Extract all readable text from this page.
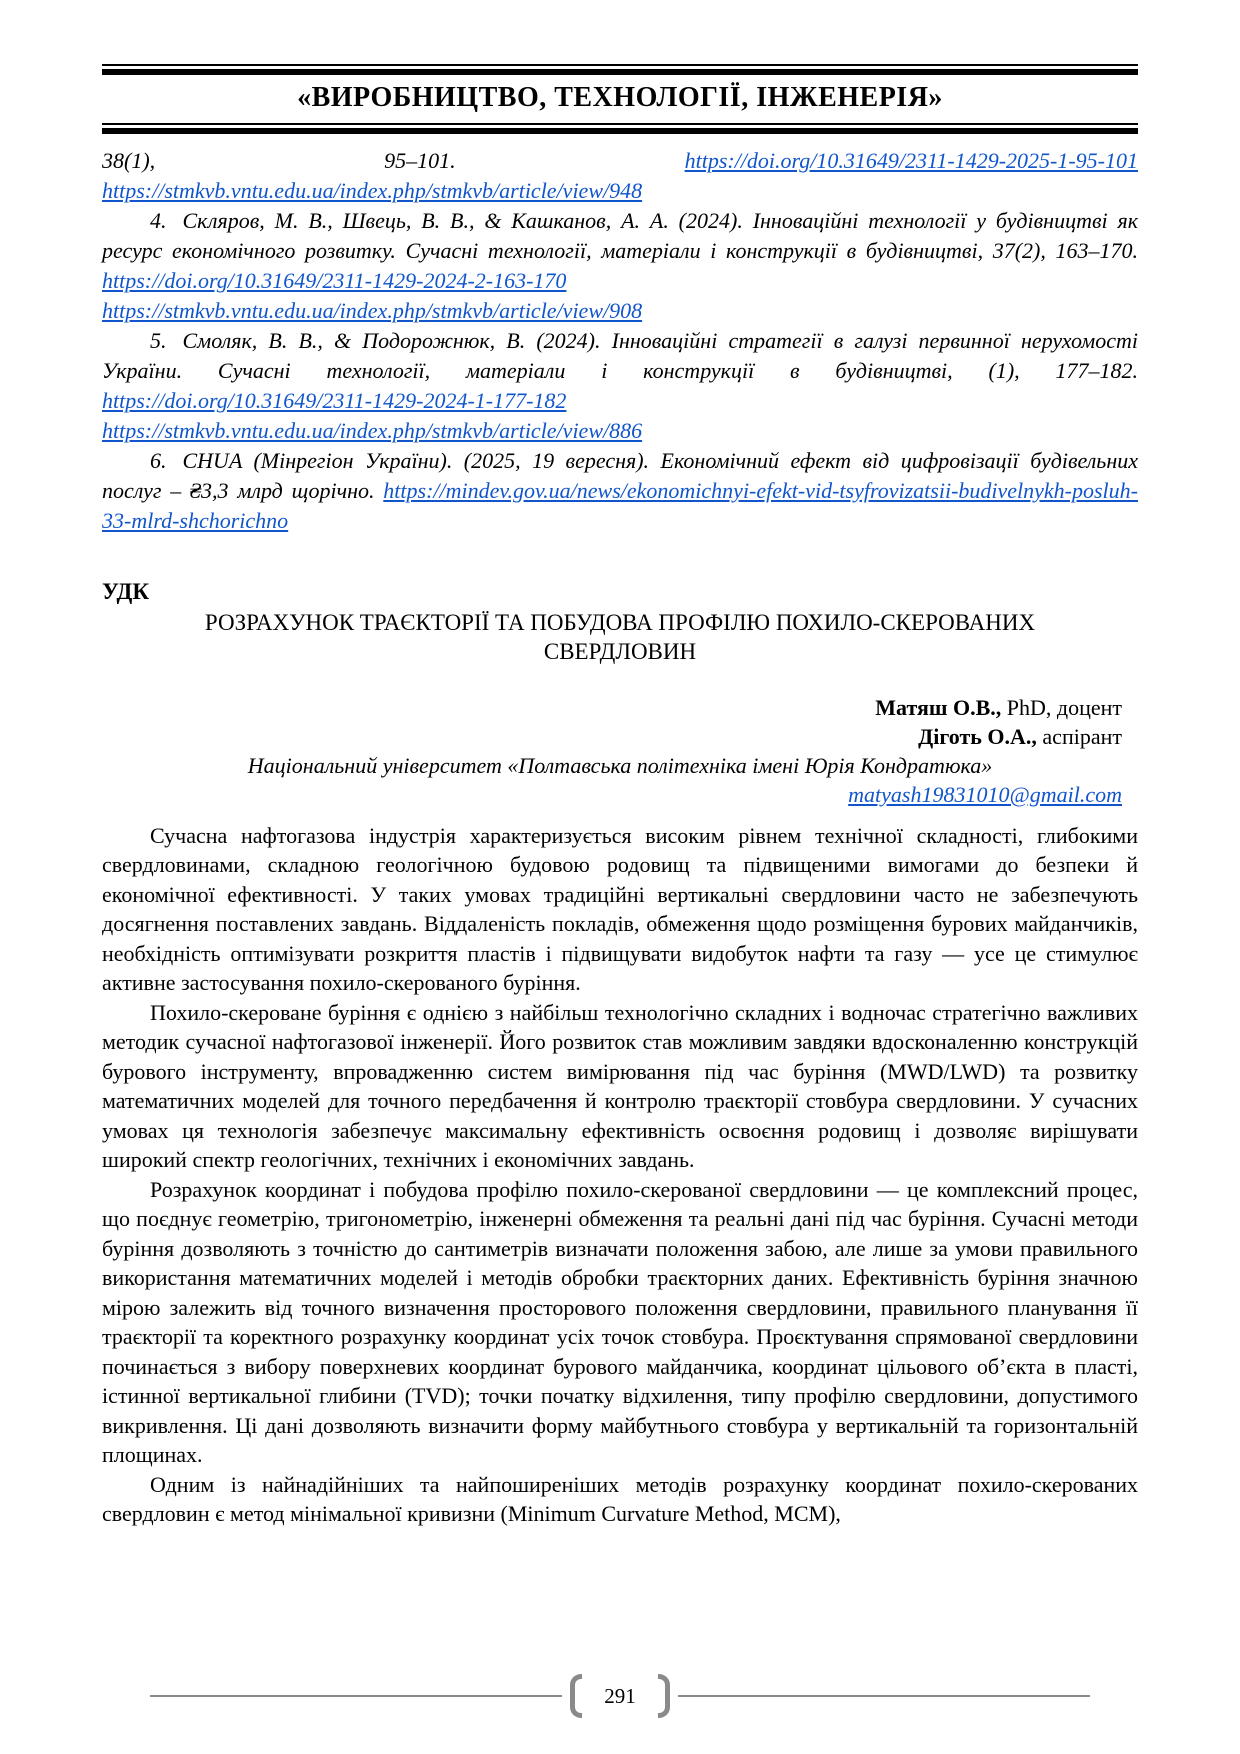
«ВИРОБНИЦТВО, ТЕХНОЛОГІЇ, ІНЖЕНЕРІЯ»

38(1),	95–101.	https://doi.org/10.31649/2311-1429-2025-1-95-101
https://stmkvb.vntu.edu.ua/index.php/stmkvb/article/view/948

4. Скляров, М. В., Швець, В. В., & Кашканов, А. А. (2024). Інноваційні технології у будівництві як ресурс економічного розвитку. Сучасні технології, матеріали і конструкції в будівництві, 37(2), 163–170. https://doi.org/10.31649/2311-1429-2024-2-163-170
https://stmkvb.vntu.edu.ua/index.php/stmkvb/article/view/908

5. Смоляк, В. В., & Подорожнюк, В. (2024). Інноваційні стратегії в галузі первинної нерухомості України. Сучасні технології, матеріали і конструкції в будівництві, (1), 177–182.
https://doi.org/10.31649/2311-1429-2024-1-177-182
https://stmkvb.vntu.edu.ua/index.php/stmkvb/article/view/886

6. CHUA (Мінрегіон України). (2025, 19 вересня). Економічний ефект від цифровізації будівельних послуг – ₴3,3 млрд щорічно. https://mindev.gov.ua/news/ekonomichnyi-efekt-vid-tsyfrovizatsii-budivelnykh-posluh-33-mlrd-shchorichno

УДК
РОЗРАХУНОК ТРАЄКТОРІЇ ТА ПОБУДОВА ПРОФІЛЮ ПОХИЛО-СКЕРОВАНИХ СВЕРДЛОВИН
Матяш О.В., PhD, доцент
Діготь О.А., аспірант
Національний університет «Полтавська політехніка імені Юрія Кондратюка»
matyash19831010@gmail.com

Сучасна нафтогазова індустрія характеризується високим рівнем технічної складності, глибокими свердловинами, складною геологічною будовою родовищ та підвищеними вимогами до безпеки й економічної ефективності. У таких умовах традиційні вертикальні свердловини часто не забезпечують досягнення поставлених завдань. Віддаленість покладів, обмеження щодо розміщення бурових майданчиків, необхідність оптимізувати розкриття пластів і підвищувати видобуток нафти та газу — усе це стимулює активне застосування похило-скерованого буріння.

Похило-скероване буріння є однією з найбільш технологічно складних і водночас стратегічно важливих методик сучасної нафтогазової інженерії. Його розвиток став можливим завдяки вдосконаленню конструкцій бурового інструменту, впровадженню систем вимірювання під час буріння (MWD/LWD) та розвитку математичних моделей для точного передбачення й контролю траєкторії стовбура свердловини. У сучасних умовах ця технологія забезпечує максимальну ефективність освоєння родовищ і дозволяє вирішувати широкий спектр геологічних, технічних і економічних завдань.

Розрахунок координат і побудова профілю похило-скерованої свердловини — це комплексний процес, що поєднує геометрію, тригонометрію, інженерні обмеження та реальні дані під час буріння. Сучасні методи буріння дозволяють з точністю до сантиметрів визначати положення забою, але лише за умови правильного використання математичних моделей і методів обробки траєкторних даних. Ефективність буріння значною мірою залежить від точного визначення просторового положення свердловини, правильного планування її траєкторії та коректного розрахунку координат усіх точок стовбура. Проєктування спрямованої свердловини починається з вибору поверхневих координат бурового майданчика, координат цільового об’єкта в пласті, істинної вертикальної глибини (TVD); точки початку відхилення, типу профілю свердловини, допустимого викривлення. Ці дані дозволяють визначити форму майбутнього стовбура у вертикальній та горизонтальній площинах.

Одним із найнадійніших та найпоширеніших методів розрахунку координат похило-скерованих свердловин є метод мінімальної кривизни (Minimum Curvature Method, MCM),

291
